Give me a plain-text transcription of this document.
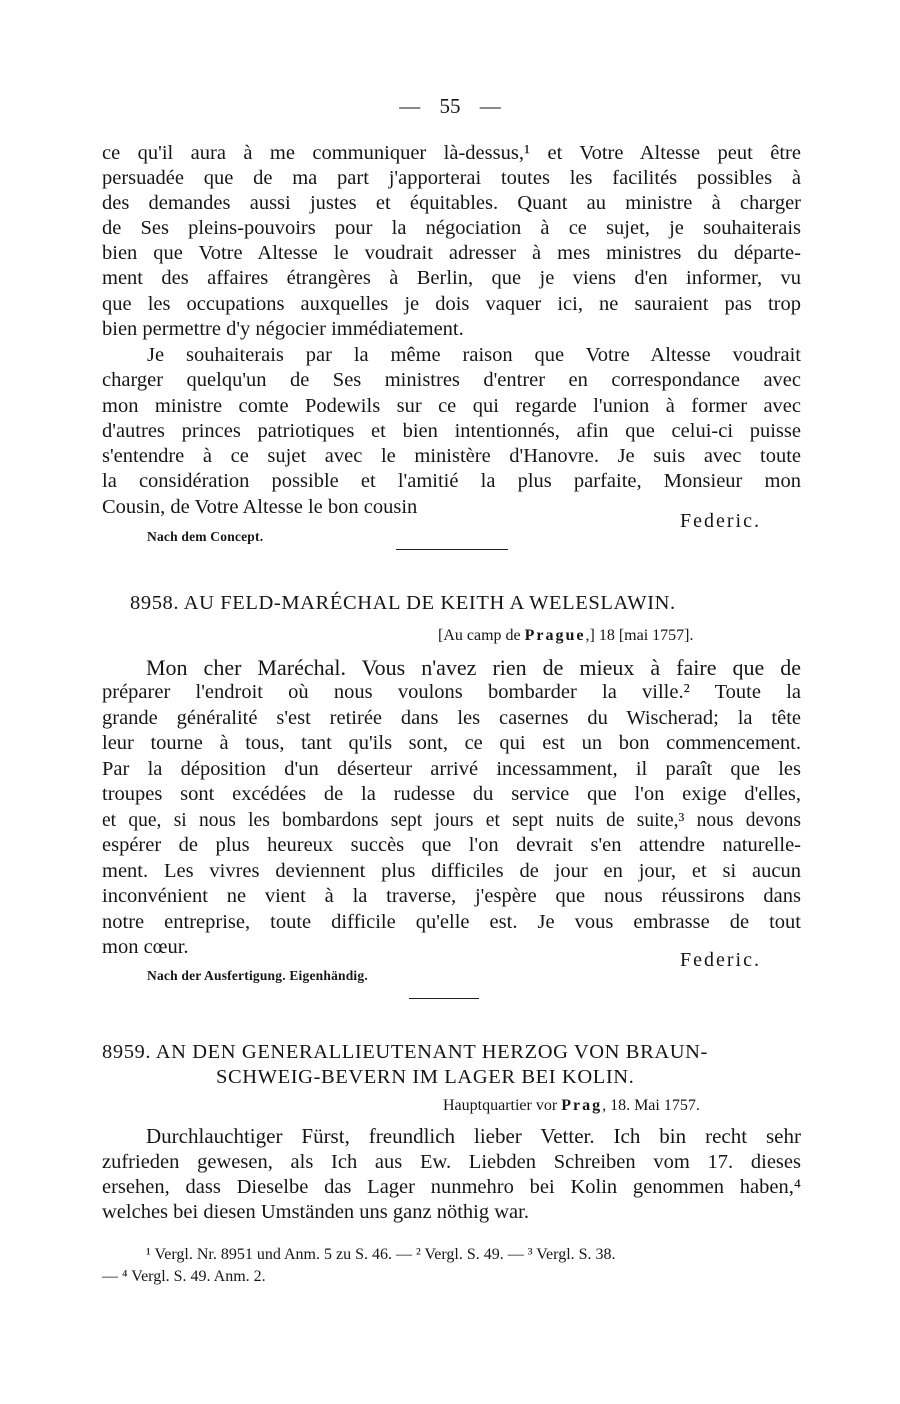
— 55 —
ce qu'il aura à me communiquer là-dessus,¹ et Votre Altesse peut être
persuadée que de ma part j'apporterai toutes les facilités possibles à
des demandes aussi justes et équitables. Quant au ministre à charger
de Ses pleins-pouvoirs pour la négociation à ce sujet, je souhaiterais
bien que Votre Altesse le voudrait adresser à mes ministres du départe-
ment des affaires étrangères à Berlin, que je viens d'en informer, vu
que les occupations auxquelles je dois vaquer ici, ne sauraient pas trop
bien permettre d'y négocier immédiatement.
Je souhaiterais par la même raison que Votre Altesse voudrait
charger quelqu'un de Ses ministres d'entrer en correspondance avec
mon ministre comte Podewils sur ce qui regarde l'union à former avec
d'autres princes patriotiques et bien intentionnés, afin que celui-ci puisse
s'entendre à ce sujet avec le ministère d'Hanovre. Je suis avec toute
la considération possible et l'amitié la plus parfaite, Monsieur mon
Cousin, de Votre Altesse le bon cousin
Federic.
Nach dem Concept.
8958. AU FELD-MARÉCHAL DE KEITH A WELESLAWIN.
[Au camp de Prague,] 18 [mai 1757].
Mon cher Maréchal. Vous n'avez rien de mieux à faire que de
préparer l'endroit où nous voulons bombarder la ville.² Toute la
grande généralité s'est retirée dans les casernes du Wischerad; la tête
leur tourne à tous, tant qu'ils sont, ce qui est un bon commencement.
Par la déposition d'un déserteur arrivé incessamment, il paraît que les
troupes sont excédées de la rudesse du service que l'on exige d'elles,
et que, si nous les bombardons sept jours et sept nuits de suite,³ nous devons
espérer de plus heureux succès que l'on devrait s'en attendre naturelle-
ment. Les vivres deviennent plus difficiles de jour en jour, et si aucun
inconvénient ne vient à la traverse, j'espère que nous réussirons dans
notre entreprise, toute difficile qu'elle est. Je vous embrasse de tout
mon cœur.
Federic.
Nach der Ausfertigung. Eigenhändig.
8959. AN DEN GENERALLIEUTENANT HERZOG VON BRAUN-
SCHWEIG-BEVERN IM LAGER BEI KOLIN.
Hauptquartier vor Prag, 18. Mai 1757.
Durchlauchtiger Fürst, freundlich lieber Vetter. Ich bin recht sehr
zufrieden gewesen, als Ich aus Ew. Liebden Schreiben vom 17. dieses
ersehen, dass Dieselbe das Lager nunmehro bei Kolin genommen haben,⁴
welches bei diesen Umständen uns ganz nöthig war.
¹ Vergl. Nr. 8951 und Anm. 5 zu S. 46. — ² Vergl. S. 49. — ³ Vergl. S. 38.
— ⁴ Vergl. S. 49. Anm. 2.
